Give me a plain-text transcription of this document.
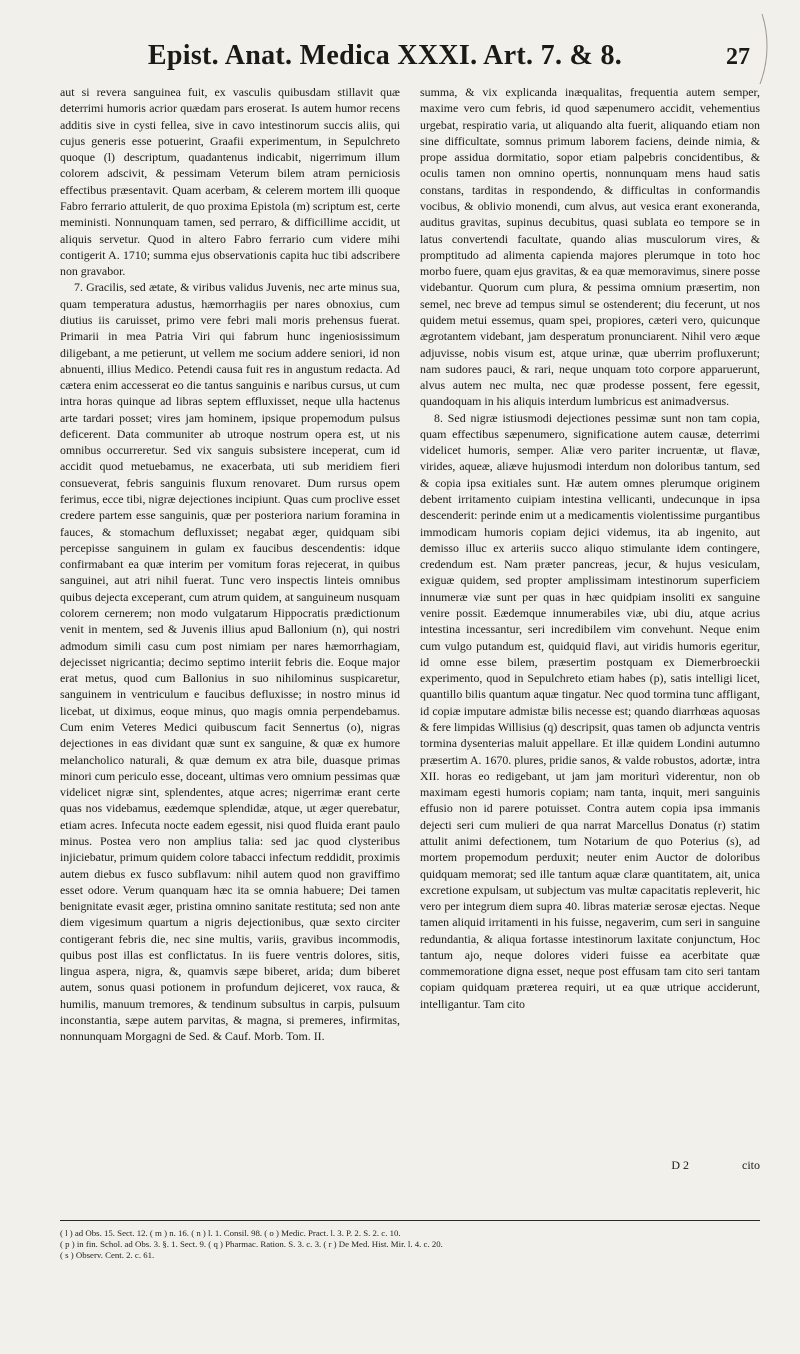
Epist. Anat. Medica XXXI. Art. 7. & 8.	27

aut si revera sanguinea fuit, ex vasculis quibusdam stillavit quæ deterrimi humoris acrior quædam pars eroserat. Is autem humor recens additis sive in cysti fellea, sive in cavo intestinorum succis aliis, qui cujus generis esse potuerint, Graafii experimentum, in Sepulchreto quoque (l) descriptum, quadantenus indicabit, nigerrimum illum colorem adscivit, & pessimam Veterum bilem atram perniciosis effectibus præsentavit. Quam acerbam, & celerem mortem illi quoque Fabro ferrario attulerit, de quo proxima Epistola (m) scriptum est, certe meministi. Nonnunquam tamen, sed perraro, & difficillime accidit, ut aliquis servetur. Quod in altero Fabro ferrario cum videre mihi contigerit A. 1710; summa ejus observationis capita huc tibi adscribere non gravabor.

7. Gracilis, sed ætate, & viribus validus Juvenis, nec arte minus sua, quam temperatura adustus, hæmorrhagiis per nares obnoxius, cum diutius iis caruisset, primo vere febri mali moris prehensus fuerat. Primarii in mea Patria Viri qui fabrum hunc ingeniosissimum diligebant, a me petierunt, ut vellem me socium addere seniori, id non abnuenti, illius Medico. Petendi causa fuit res in angustum redacta. Ad cætera enim accesserat eo die tantus sanguinis e naribus cursus, ut cum intra horas quinque ad libras septem effluxisset, neque ulla hactenus arte tardari posset; vires jam hominem, ipsique propemodum pulsus deficerent. Data communiter ab utroque nostrum opera est, ut nis omnibus occurreretur. Sed vix sanguis subsistere inceperat, cum id accidit quod metuebamus, ne exacerbata, uti sub meridiem fieri consueverat, febris sanguinis fluxum renovaret. Dum rursus opem ferimus, ecce tibi, nigræ dejectiones incipiunt. Quas cum proclive esset credere partem esse sanguinis, quæ per posteriora narium foramina in fauces, & stomachum defluxisset; negabat æger, quidquam sibi percepisse sanguinem in gulam ex faucibus descendentis: idque confirmabant ea quæ interim per vomitum foras rejecerat, in quibus sanguinei, aut atri nihil fuerat. Tunc vero inspectis linteis omnibus quibus dejecta exceperant, cum atrum quidem, at sanguineum nusquam colorem cernerem; non modo vulgatarum Hippocratis prædictionum venit in mentem, sed & Juvenis illius apud Ballonium (n), qui nostri admodum simili casu cum post nimiam per nares hæmorrhagiam, dejecisset nigricantia; decimo septimo interiit febris die. Eoque major erat metus, quod cum Ballonius in suo nihilominus suspicaretur, sanguinem in ventriculum e faucibus defluxisse; in nostro minus id licebat, ut diximus, eoque minus, quo magis omnia perpendebamus. Cum enim Veteres Medici quibuscum facit Sennertus (o), nigras dejectiones in eas dividant quæ sunt ex sanguine, & quæ ex humore melancholico naturali, & quæ demum ex atra bile, duasque primas minori cum periculo esse, doceant, ultimas vero omnium pessimas quæ videlicet nigræ sint, splendentes, atque acres; nigerrimæ erant certe quas nos videbamus, eædemque splendidæ, atque, ut æger querebatur, etiam acres. Infecuta nocte eadem egessit, nisi quod fluida erant paulo minus. Postea vero non amplius talia: sed jac quod clysteribus injiciebatur, primum quidem colore tabacci infectum reddidit, proximis autem diebus ex fusco subflavum: nihil autem quod non graviffimo esset odore. Verum quanquam hæc ita se omnia habuere; Dei tamen benignitate evasit æger, pristina omnino sanitate restituta; sed non ante diem vigesimum quartum a nigris dejectionibus, quæ sexto circiter contigerant febris die, nec sine multis, variis, gravibus incommodis, quibus post illas est conflictatus. In iis fuere ventris dolores, sitis, lingua aspera, nigra, &, quamvis sæpe biberet, arida; dum biberet autem, sonus quasi potionem in profundum dejiceret, vox rauca, & humilis, manuum tremores, & tendinum subsultus in carpis, pulsuum inconstantia, sæpe autem parvitas, & magna, si premeres, infirmitas, nonnunquam Morgagni de Sed. & Cauf. Morb. Tom. II.

summa, & vix explicanda inæqualitas, frequentia autem semper, maxime vero cum febris, id quod sæpenumero accidit, vehementius urgebat, respiratio varia, ut aliquando alta fuerit, aliquando etiam non sine difficultate, somnus primum laborem faciens, deinde nimia, & prope assidua dormitatio, sopor etiam palpebris concidentibus, & oculis tamen non omnino opertis, nonnunquam mens haud satis constans, tarditas in respondendo, & difficultas in conformandis vocibus, & oblivio monendi, cum alvus, aut vesica erant exoneranda, auditus gravitas, supinus decubitus, quasi sublata eo tempore se in latus convertendi facultate, quando alias musculorum vires, & promptitudo ad alimenta capienda majores plerumque in toto hoc morbo fuere, quam ejus gravitas, & ea quæ memoravimus, sinere posse videbantur. Quorum cum plura, & pessima omnium præsertim, non semel, nec breve ad tempus simul se ostenderent; diu fecerunt, ut nos quidem metui essemus, quam spei, propiores, cæteri vero, quicunque ægrotantem videbant, jam desperatum pronunciarent. Nihil vero æque adjuvisse, nobis visum est, atque urinæ, quæ uberrim profluxerunt; nam sudores pauci, & rari, neque unquam toto corpore apparuerunt, alvus autem nec multa, nec quæ prodesse possent, fere egessit, quandoquam in his aliquis interdum lumbricus est animadversus.

8. Sed nigræ istiusmodi dejectiones pessimæ sunt non tam copia, quam effectibus sæpenumero, significatione autem causæ, deterrimi videlicet humoris, semper. Aliæ vero pariter incruentæ, ut flavæ, virides, aqueæ, aliæve hujusmodi interdum non doloribus tantum, sed & copia ipsa exitiales sunt. Hæ autem omnes plerumque originem debent irritamento cuipiam intestina vellicanti, undecunque in ipsa descenderit: perinde enim ut a medicamentis violentissime purgantibus immodicam humoris copiam dejici videmus, ita ab ingenito, aut demisso illuc ex arteriis succo aliquo stimulante idem contingere, credendum est. Nam præter pancreas, jecur, & hujus vesiculam, exiguæ quidem, sed propter amplissimam intestinorum superficiem innumeræ viæ sunt per quas in hæc quidpiam insoliti ex sanguine venire possit. Eædemque innumerabiles viæ, ubi diu, atque acrius intestina incessantur, seri incredibilem vim convehunt. Neque enim cum vulgo putandum est, quidquid flavi, aut viridis humoris egeritur, id omne esse bilem, præsertim postquam ex Diemerbroeckii experimento, quod in Sepulchreto etiam habes (p), satis intelligi licet, quantillo bilis quantum aquæ tingatur. Nec quod tormina tunc affligant, id copiæ imputare admistæ bilis necesse est; quando diarrhœas aquosas & fere limpidas Willisius (q) descripsit, quas tamen ob adjuncta ventris tormina dysenterias maluit appellare. Et illæ quidem Londini autumno præsertim A. 1670. plures, pridie sanos, & valde robustos, adortæ, intra XII. horas eo redigebant, ut jam jam moriturì viderentur, non ob maximam egesti humoris copiam; nam tanta, inquit, meri sanguinis effusio non id parere potuisset. Contra autem copia ipsa immanis dejecti seri cum mulieri de qua narrat Marcellus Donatus (r) statim attulit animi defectionem, tum Notarium de quo Poterius (s), ad mortem propemodum perduxit; neuter enim Auctor de doloribus quidquam memorat; sed ille tantum aquæ claræ quantitatem, ait, unica excretione expulsam, ut subjectum vas multæ capacitatis repleverit, hic vero per integrum diem supra 40. libras materiæ serosæ ejectas. Neque tamen aliquid irritamenti in his fuisse, negaverim, cum seri in sanguine redundantia, & aliqua fortasse intestinorum laxitate conjunctum, Hoc tantum ajo, neque dolores videri fuisse ea acerbitate quæ commemoratione digna esset, neque post effusam tam cito seri tantam copiam quidquam præterea requiri, ut ea quæ utrique acciderunt, intelligantur. Tam cito

D 2	cito
( l ) ad Obs. 15. Sect. 12. ( m ) n. 16. ( n ) l. 1. Consil. 98. ( o ) Medic. Pract. l. 3. P. 2. S. 2. c. 10.
( p ) in fin. Schol. ad Obs. 3. §. 1. Sect. 9. ( q ) Pharmac. Ration. S. 3. c. 3. ( r ) De Med. Hist. Mir. l. 4. c. 20.
( s ) Observ. Cent. 2. c. 61.
